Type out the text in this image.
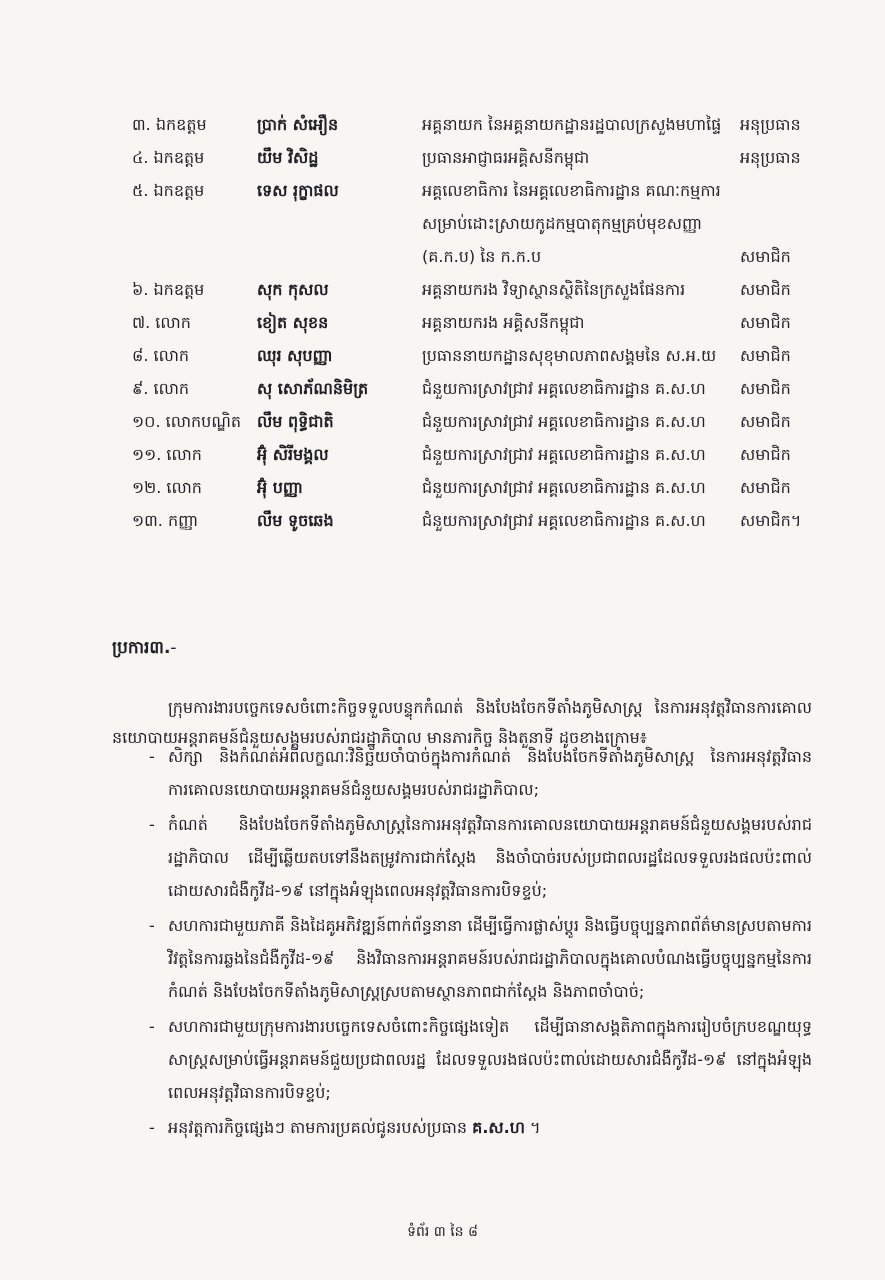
៣. ឯកឧត្តម	ប្រាក់ សំអឿន	អគ្គនាយក នៃអគ្គនាយកដ្ឋានរដ្ឋបាលក្រសួងមហាផ្ទៃ	អនុប្រធាន
៤. ឯកឧត្តម	យឹម វិសិដ្ឋ	ប្រធានអាជ្ញាធរអគ្គិសនីកម្ពុជា	អនុប្រធាន
៥. ឯកឧត្តម	ទេស រុក្ខាផល	អគ្គលេខាធិការ នៃអគ្គលេខាធិការដ្ឋាន គណៈកម្មការសម្រាប់ដោះស្រាយកូដកម្មបាតុកម្មគ្រប់មុខសញ្ញា (គ.ក.ប) នៃ ក.ក.ប	សមាជិក
៦. ឯកឧត្តម	សុក កុសល	អគ្គនាយករង វិទ្យាស្ថានស្ថិតិនៃក្រសួងផែនការ	សមាជិក
៧. លោក	ខៀត សុខន	អគ្គនាយករង អគ្គិសនីកម្ពុជា	សមាជិក
៨. លោក	ឈុរ សុបញ្ញា	ប្រធាននាយកដ្ឋានសុខុមាលភាពសង្គមនៃ ស.អ.យ	សមាជិក
៩. លោក	សុ សោភ័ណនិមិត្រ	ជំនួយការស្រាវជ្រាវ អគ្គលេខាធិការដ្ឋាន គ.ស.ហ	សមាជិក
១០. លោកបណ្ឌិត	លឹម ពុទ្ធិជាតិ	ជំនួយការស្រាវជ្រាវ អគ្គលេខាធិការដ្ឋាន គ.ស.ហ	សមាជិក
១១. លោក	អ៊ុំ សិរីមង្គល	ជំនួយការស្រាវជ្រាវ អគ្គលេខាធិការដ្ឋាន គ.ស.ហ	សមាជិក
១២. លោក	អ៊ុំ បញ្ញា	ជំនួយការស្រាវជ្រាវ អគ្គលេខាធិការដ្ឋាន គ.ស.ហ	សមាជិក
១៣. កញ្ញា	លឹម ទូចឆេង	ជំនួយការស្រាវជ្រាវ អគ្គលេខាធិការដ្ឋាន គ.ស.ហ	សមាជិក។
ប្រការ៣.-

ក្រុមការងារបច្ចេកទេសចំពោះកិច្ចទទួលបន្ទុកកំណត់ និងបែងចែកទីតាំងភូមិសាស្ត្រ នៃការអនុវត្តវិធានការគោលនយោបាយអន្តរាគមន៍ជំនួយសង្គមរបស់រាជរដ្ឋាភិបាល មានភារកិច្ច និងតួនាទី ដូចខាងក្រោម៖

- សិក្សា និងកំណត់អំពីលក្ខណៈវិនិច្ឆ័យចាំបាច់ក្នុងការកំណត់ និងបែងចែកទីតាំងភូមិសាស្ត្រ នៃការអនុវត្តវិធានការគោលនយោបាយអន្តរាគមន៍ជំនួយសង្គមរបស់រាជរដ្ឋាភិបាល;
- កំណត់ និងបែងចែកទីតាំងភូមិសាស្ត្រនៃការអនុវត្តវិធានការគោលនយោបាយអន្តរាគមន៍ជំនួយសង្គមរបស់រាជរដ្ឋាភិបាល ដើម្បីឆ្លើយតបទៅនឹងតម្រូវការជាក់ស្តែង និងចាំបាច់របស់ប្រជាពលរដ្ឋដែលទទួលរងផលប៉ះពាល់ដោយសារជំងឺកូវីដ-១៩ នៅក្នុងអំឡុងពេលអនុវត្តវិធានការបិទខ្ទប់;
- សហការជាមួយភាគី និងដៃគូអភិវឌ្ឍន៍ពាក់ព័ន្ធនានា ដើម្បីធ្វើការផ្លាស់ប្តូរ និងធ្វើបច្ចុប្បន្នភាពព័ត៌មានស្របតាមការវិវត្តនៃការឆ្លងនៃជំងឺកូវីដ-១៩ និងវិធានការអន្តរាគមន៍របស់រាជរដ្ឋាភិបាលក្នុងគោលបំណងធ្វើបច្ចុប្បន្នកម្មនៃការកំណត់ និងបែងចែកទីតាំងភូមិសាស្ត្រស្របតាមស្ថានភាពជាក់ស្តែង និងភាពចាំបាច់;
- សហការជាមួយក្រុមការងារបច្ចេកទេសចំពោះកិច្ចផ្សេងទៀត ដើម្បីធានាសង្គតិភាពក្នុងការរៀបចំក្របខណ្ឌយុទ្ធសាស្ត្រសម្រាប់ធ្វើអន្តរាគមន៍ជួយប្រជាពលរដ្ឋ ដែលទទួលរងផលប៉ះពាល់ដោយសារជំងឺកូវីដ-១៩ នៅក្នុងអំឡុងពេលអនុវត្តវិធានការបិទខ្ទប់;
- អនុវត្តការកិច្ចផ្សេងៗ តាមការប្រគល់ជូនរបស់ប្រធាន គ.ស.ហ ។
ទំព័រ ៣ នៃ ៨
